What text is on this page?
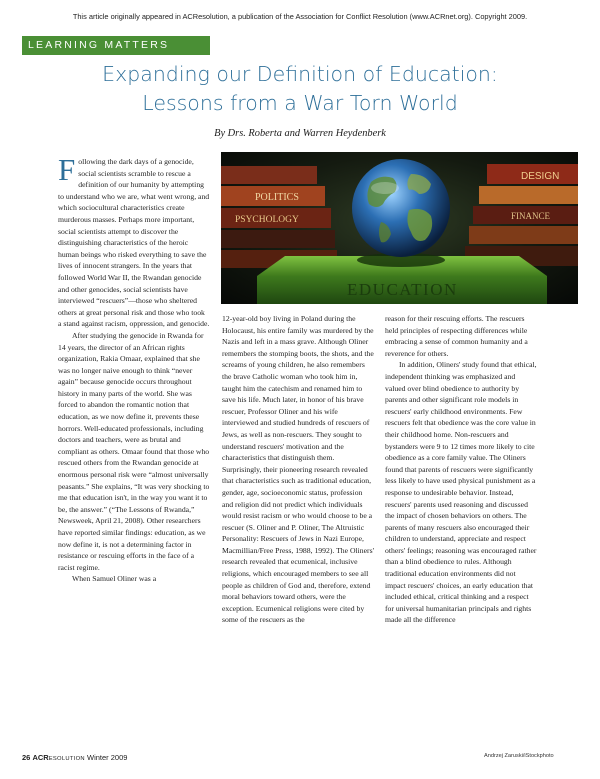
This article originally appeared in ACResolution, a publication of the Association for Conflict Resolution (www.ACRnet.org). Copyright 2009.
LEARNING MATTERS
Expanding our Definition of Education:
Lessons from a War Torn World
By Drs. Roberta and Warren Heydenberk
POLITICS
PSYCHOLOGY
DESIGN
FINANCE
EDUCATION

Following the dark days of a genocide, social scientists scramble to rescue a definition of our humanity by attempting to understand who we are, what went wrong, and which sociocultural characteristics create murderous masses. Perhaps more important, social scientists attempt to discover the distinguishing characteristics of the heroic human beings who risked everything to save the lives of innocent strangers. In the years that followed World War II, the Rwandan genocide and other genocides, social scientists have interviewed “rescuers”—those who sheltered others at great personal risk and those who took a stand against racism, oppression, and genocide.

After studying the genocide in Rwanda for 14 years, the director of an African rights organization, Rakia Omaar, explained that she was no longer naive enough to think “never again” because genocide occurs throughout history in many parts of the world. She was forced to abandon the romantic notion that education, as we now define it, prevents these horrors. Well-educated professionals, including doctors and teachers, were as brutal and compliant as others. Omaar found that those who rescued others from the Rwandan genocide at enormous personal risk were “almost universally peasants.” She explains, “It was very shocking to me that education isn't, in the way you want it to be, the answer.” (“The Lessons of Rwanda,” Newsweek, April 21, 2008). Other researchers have reported similar findings: education, as we now define it, is not a determining factor in resistance or rescuing efforts in the face of a racist regime.

When Samuel Oliner was a

12-year-old boy living in Poland during the Holocaust, his entire family was murdered by the Nazis and left in a mass grave. Although Oliner remembers the stomping boots, the shots, and the screams of young children, he also remembers the brave Catholic woman who took him in, taught him the catechism and renamed him to save his life. Much later, in honor of his brave rescuer, Professor Oliner and his wife interviewed and studied hundreds of rescuers of Jews, as well as non-rescuers. They sought to understand rescuers' motivation and the characteristics that distinguish them. Surprisingly, their pioneering research revealed that characteristics such as traditional education, gender, age, socioeconomic status, profession and religion did not predict which individuals would resist racism or who would choose to be a rescuer (S. Oliner and P. Oliner, The Altruistic Personality: Rescuers of Jews in Nazi Europe, Macmillian/Free Press, 1988, 1992). The Oliners' research revealed that ecumenical, inclusive religions, which encouraged members to see all people as children of God and, therefore, extend moral behaviors toward others, were the exception. Ecumenical religions were cited by some of the rescuers as the

reason for their rescuing efforts. The rescuers held principles of respecting differences while embracing a sense of common humanity and a reverence for others.

In addition, Oliners' study found that ethical, independent thinking was emphasized and valued over blind obedience to authority by parents and other significant role models in rescuers' early childhood environments. Few rescuers felt that obedience was the core value in their childhood home. Non-rescuers and bystanders were 9 to 12 times more likely to cite obedience as a core family value. The Oliners found that parents of rescuers were significantly less likely to have used physical punishment as a response to undesirable behavior. Instead, rescuers' parents used reasoning and discussed the impact of chosen behaviors on others. The parents of many rescuers also encouraged their children to understand, appreciate and respect others' feelings; reasoning was encouraged rather than a blind obedience to rules. Although traditional education environments did not impact rescuers' choices, an early education that included ethical, critical thinking and a respect for universal humanitarian principals and rights made all the difference

26 ACRESOLUTION Winter 2009	Andrzej Zaruski/iStockphoto
